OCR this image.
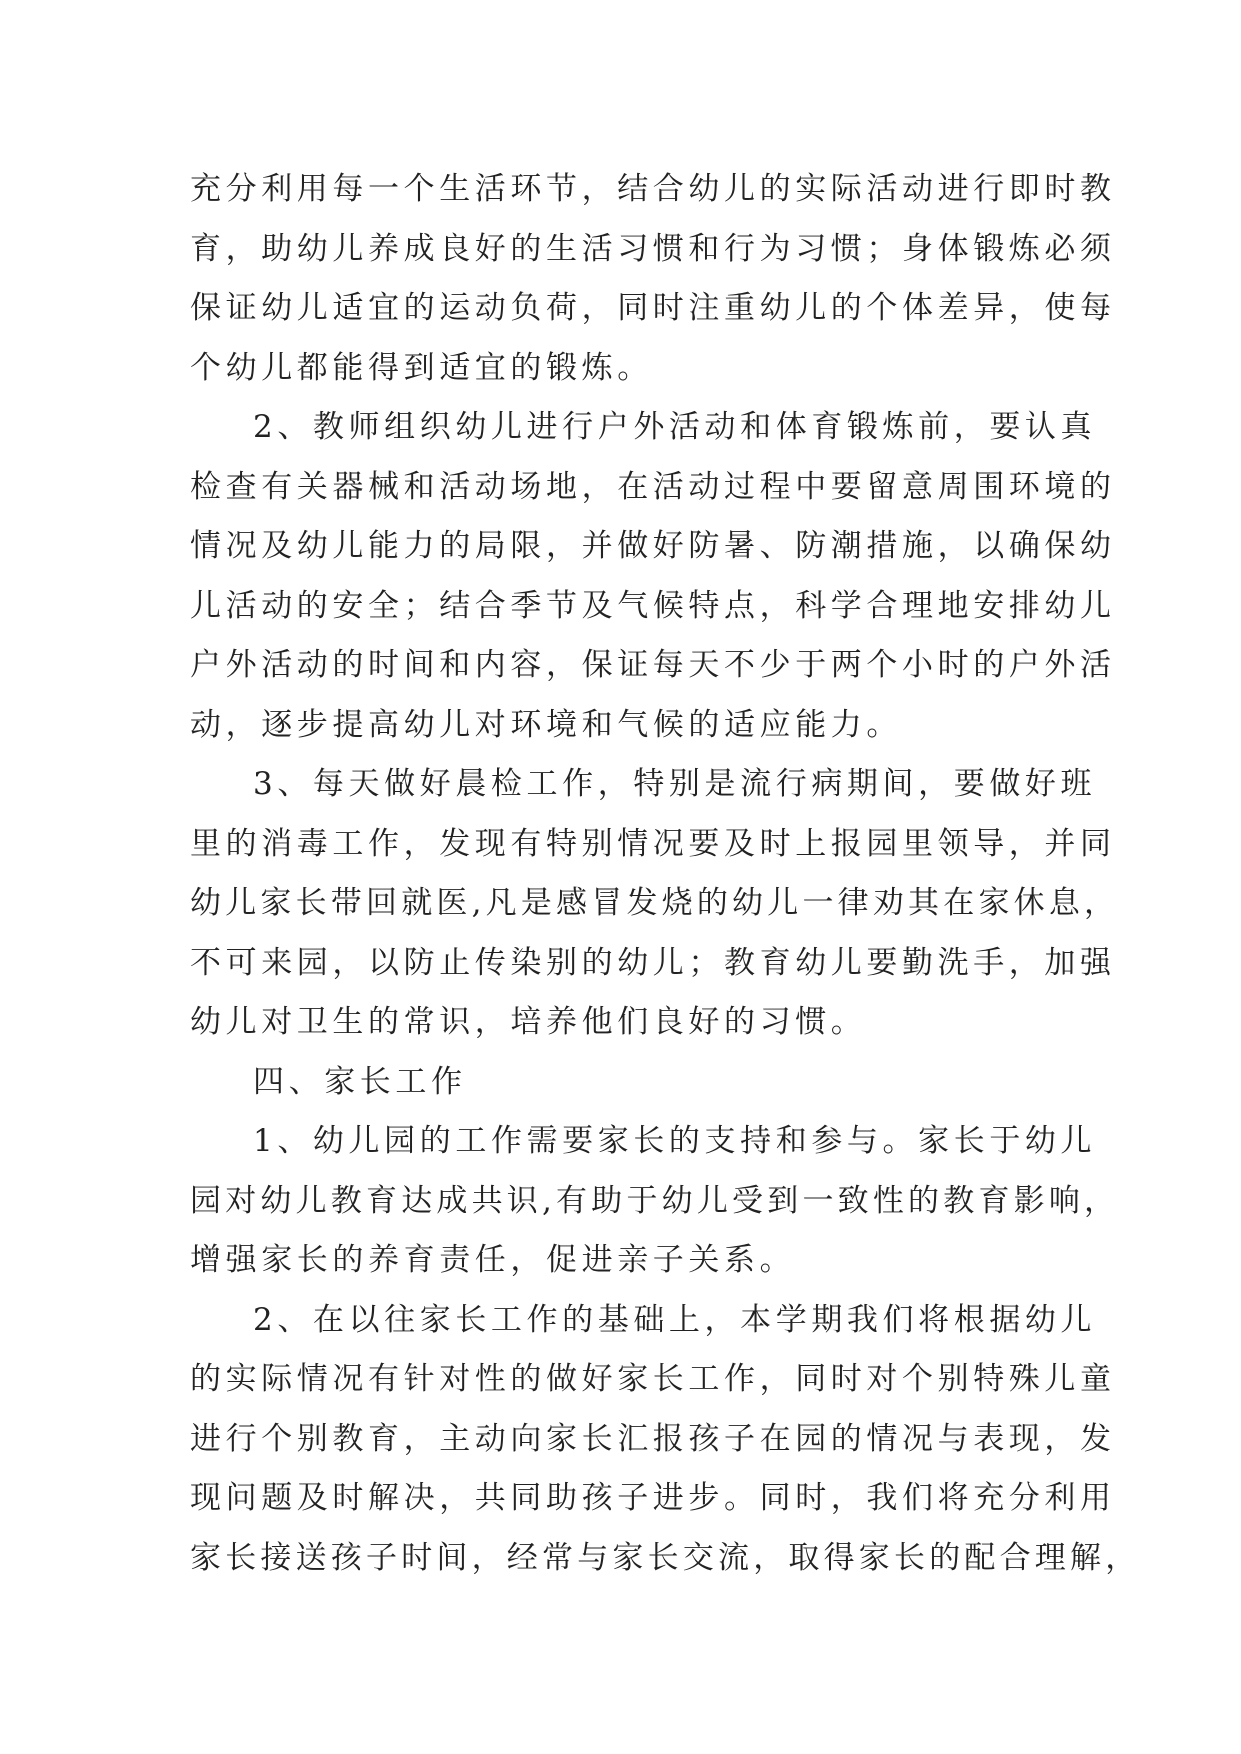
充分利用每一个生活环节，结合幼儿的实际活动进行即时教
育，助幼儿养成良好的生活习惯和行为习惯；身体锻炼必须
保证幼儿适宜的运动负荷，同时注重幼儿的个体差异，使每
个幼儿都能得到适宜的锻炼。
2、教师组织幼儿进行户外活动和体育锻炼前，要认真
检查有关器械和活动场地，在活动过程中要留意周围环境的
情况及幼儿能力的局限，并做好防暑、防潮措施，以确保幼
儿活动的安全；结合季节及气候特点，科学合理地安排幼儿
户外活动的时间和内容，保证每天不少于两个小时的户外活
动，逐步提高幼儿对环境和气候的适应能力。
3、每天做好晨检工作，特别是流行病期间，要做好班
里的消毒工作，发现有特别情况要及时上报园里领导，并同
幼儿家长带回就医,凡是感冒发烧的幼儿一律劝其在家休息，
不可来园，以防止传染别的幼儿；教育幼儿要勤洗手，加强
幼儿对卫生的常识，培养他们良好的习惯。
四、家长工作
1、幼儿园的工作需要家长的支持和参与。家长于幼儿
园对幼儿教育达成共识,有助于幼儿受到一致性的教育影响，
增强家长的养育责任，促进亲子关系。
2、在以往家长工作的基础上，本学期我们将根据幼儿
的实际情况有针对性的做好家长工作，同时对个别特殊儿童
进行个别教育，主动向家长汇报孩子在园的情况与表现，发
现问题及时解决，共同助孩子进步。同时，我们将充分利用
家长接送孩子时间，经常与家长交流，取得家长的配合理解，
